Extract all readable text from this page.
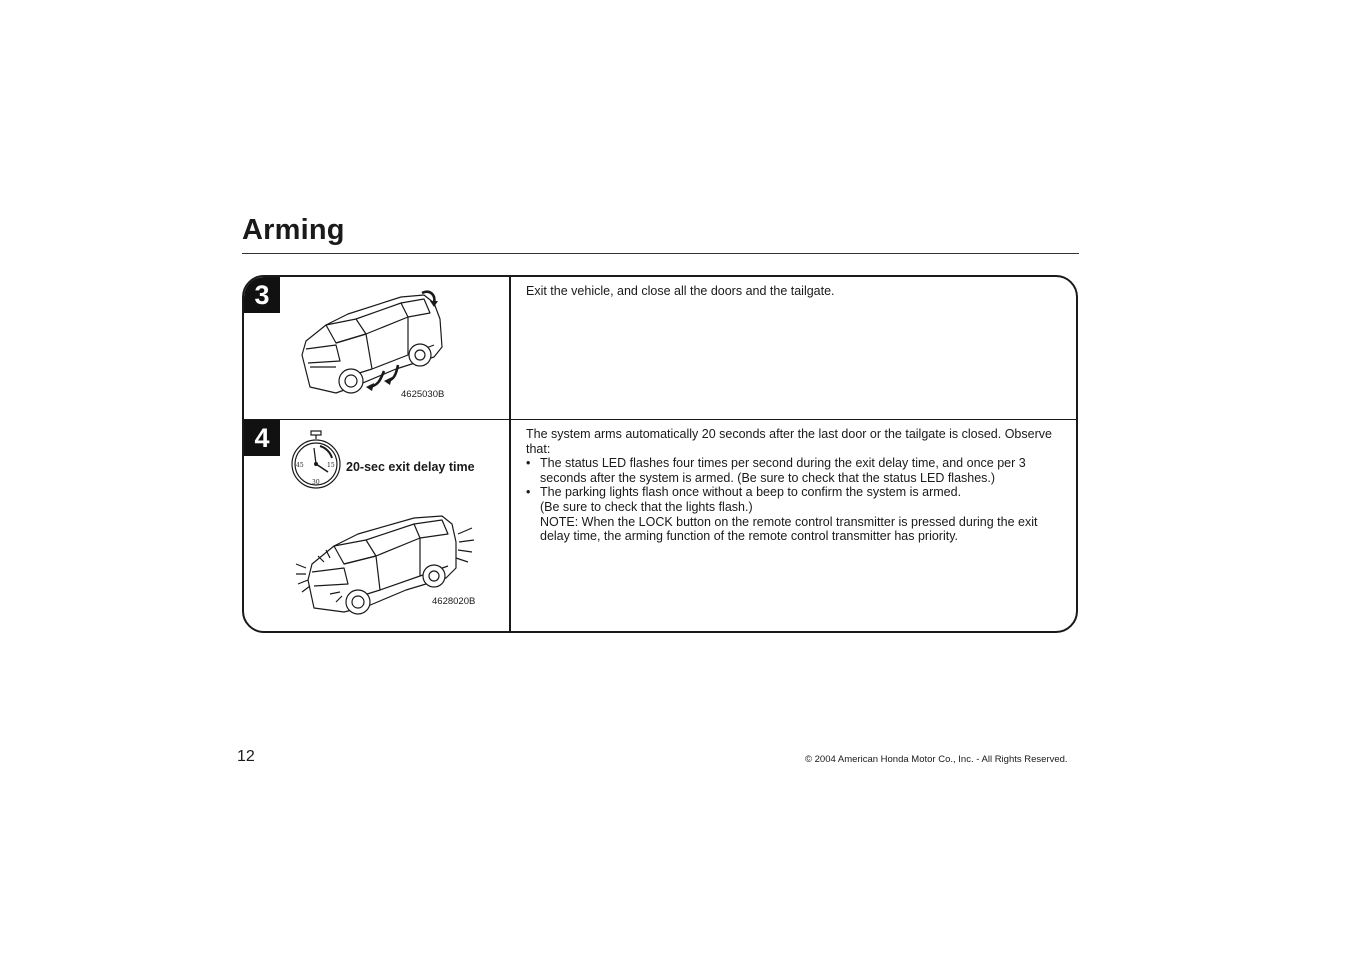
Arming
3
4625030B

Exit the vehicle, and close all the doors and the tailgate.

4
15
30
45	20-sec exit delay time
4628020B

The system arms automatically 20 seconds after the last door or the tailgate is closed. Observe that:

• The status LED flashes four times per second during the exit delay time, and once per 3 seconds after the system is armed. (Be sure to check that the status LED flashes.)

• The parking lights flash once without a beep to confirm the system is armed.

(Be sure to check that the lights flash.)

NOTE: When the LOCK button on the remote control transmitter is pressed during the exit delay time, the arming function of the remote control transmitter has priority.

12	© 2004 American Honda Motor Co., Inc. - All Rights Reserved.
